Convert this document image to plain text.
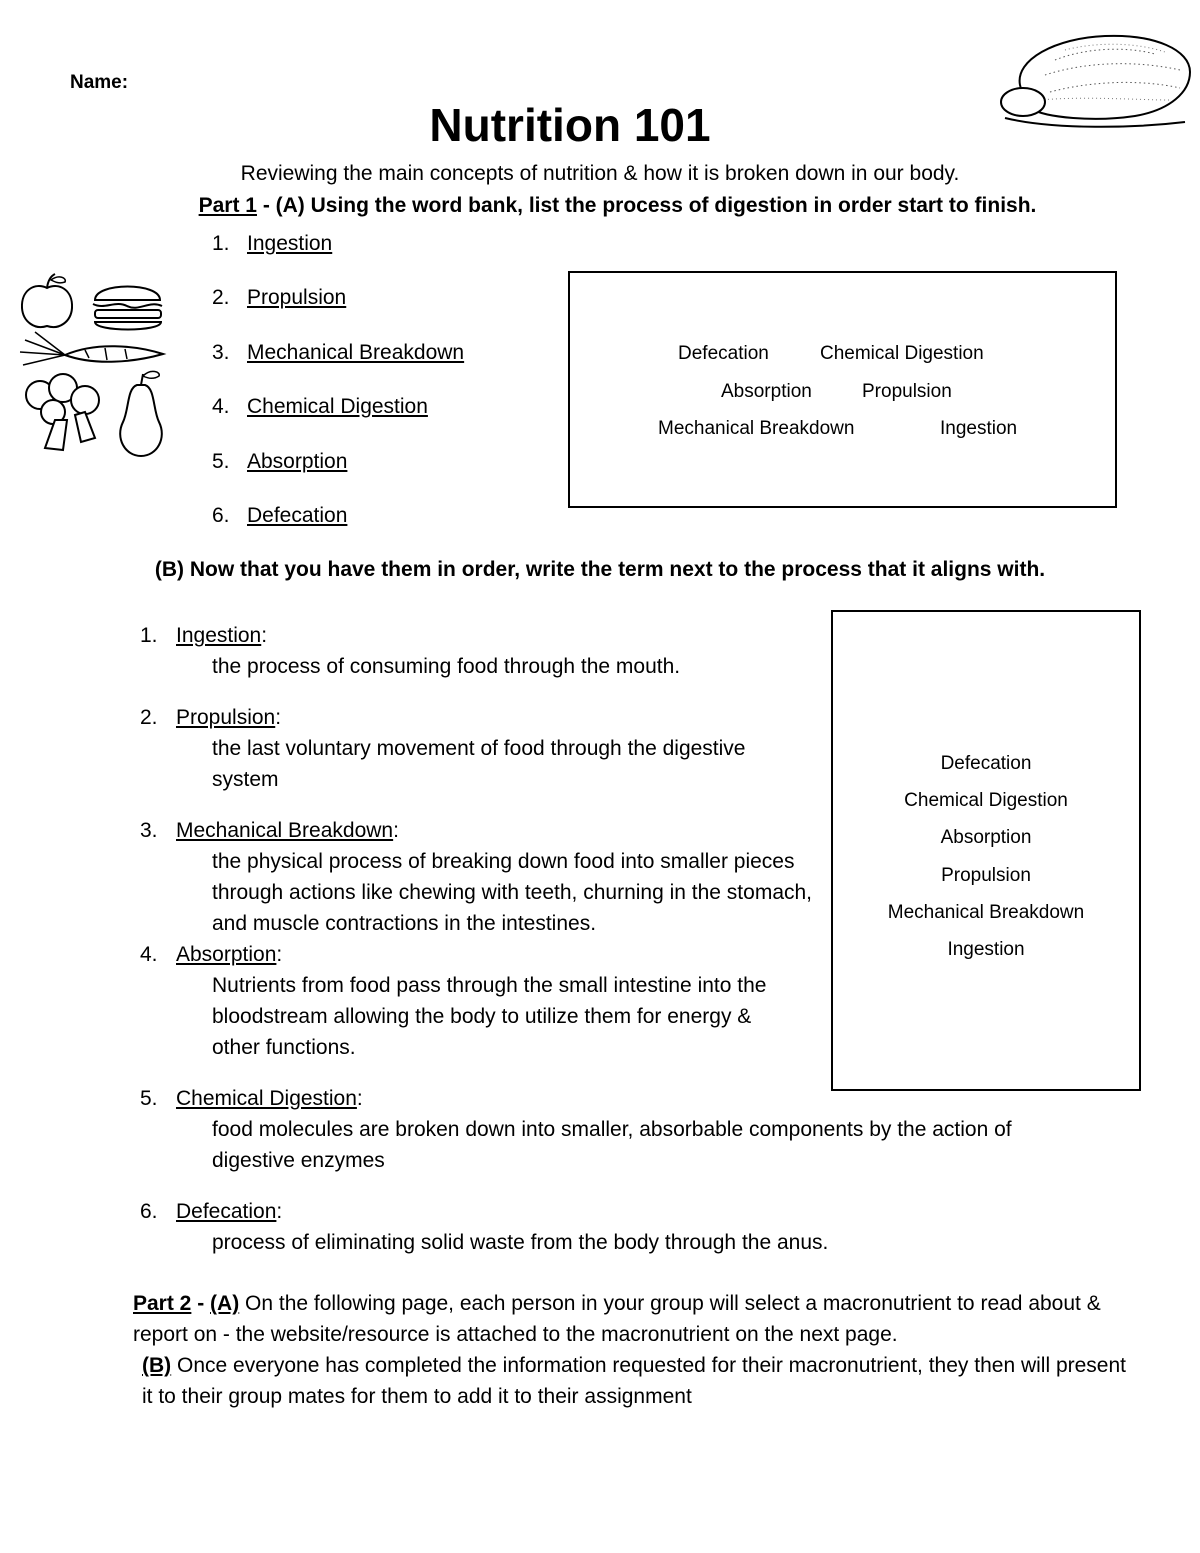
Name:
Nutrition 101
Reviewing the main concepts of nutrition & how it is broken down in our body.
Part 1 - (A) Using the word bank, list the process of digestion in order start to finish.
1. Ingestion
2. Propulsion
3. Mechanical Breakdown
4. Chemical Digestion
5. Absorption
6. Defecation
Defecation	Chemical Digestion
Absorption	Propulsion
Mechanical Breakdown	Ingestion
(B) Now that you have them in order, write the term next to the process that it aligns with.
1. Ingestion:
the process of consuming food through the mouth.
2. Propulsion:
the last voluntary movement of food through the digestive system
3. Mechanical Breakdown:
the physical process of breaking down food into smaller pieces through actions like chewing with teeth, churning in the stomach, and muscle contractions in the intestines.
4. Absorption:
Nutrients from food pass through the small intestine into the bloodstream allowing the body to utilize them for energy & other functions.
5. Chemical Digestion:
food molecules are broken down into smaller, absorbable components by the action of digestive enzymes
6. Defecation:
process of eliminating solid waste from the body through the anus.
Defecation
Chemical Digestion
Absorption
Propulsion
Mechanical Breakdown
Ingestion
Part 2 - (A) On the following page, each person in your group will select a macronutrient to read about & report on - the website/resource is attached to the macronutrient on the next page.
(B) Once everyone has completed the information requested for their macronutrient, they then will present it to their group mates for them to add it to their assignment
